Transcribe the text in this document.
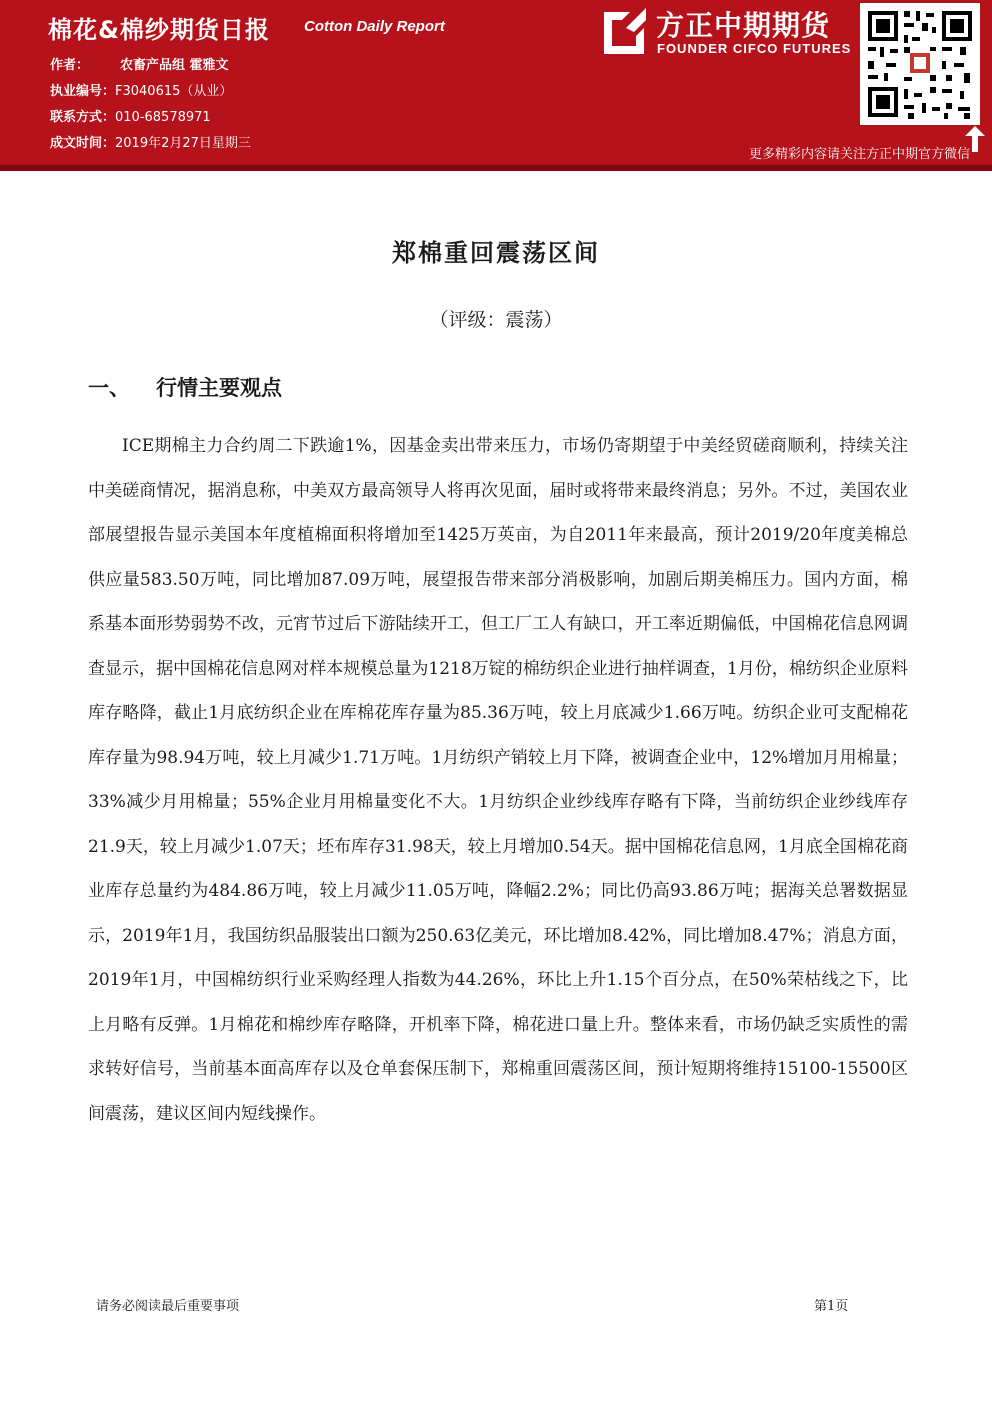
棉花&棉纱期货日报 Cotton Daily Report
作者： 农畜产品组 霍雅文
执业编号：F3040615（从业）
联系方式：010-68578971
成文时间：2019年2月27日星期三
方正中期期货
FOUNDER CIFCO FUTURES
更多精彩内容请关注方正中期官方微信
郑棉重回震荡区间
（评级：震荡）
一、 行情主要观点

ICE期棉主力合约周二下跌逾1%，因基金卖出带来压力，市场仍寄期望于中美经贸磋商顺利，持续关注中美磋商情况，据消息称，中美双方最高领导人将再次见面，届时或将带来最终消息；另外。不过，美国农业部展望报告显示美国本年度植棉面积将增加至1425万英亩，为自2011年来最高，预计2019/20年度美棉总供应量583.50万吨，同比增加87.09万吨，展望报告带来部分消极影响，加剧后期美棉压力。国内方面，棉系基本面形势弱势不改，元宵节过后下游陆续开工，但工厂工人有缺口，开工率近期偏低，中国棉花信息网调查显示，据中国棉花信息网对样本规模总量为1218万锭的棉纺织企业进行抽样调查，1月份，棉纺织企业原料库存略降，截止1月底纺织企业在库棉花库存量为85.36万吨，较上月底减少1.66万吨。纺织企业可支配棉花库存量为98.94万吨，较上月减少1.71万吨。1月纺织产销较上月下降，被调查企业中，12%增加月用棉量；33%减少月用棉量；55%企业月用棉量变化不大。1月纺织企业纱线库存略有下降，当前纺织企业纱线库存21.9天，较上月减少1.07天；坯布库存31.98天，较上月增加0.54天。据中国棉花信息网，1月底全国棉花商业库存总量约为484.86万吨，较上月减少11.05万吨，降幅2.2%；同比仍高93.86万吨；据海关总署数据显示，2019年1月，我国纺织品服装出口额为250.63亿美元，环比增加8.42%，同比增加8.47%；消息方面，2019年1月，中国棉纺织行业采购经理人指数为44.26%，环比上升1.15个百分点，在50%荣枯线之下，比上月略有反弹。1月棉花和棉纱库存略降，开机率下降，棉花进口量上升。整体来看，市场仍缺乏实质性的需求转好信号，当前基本面高库存以及仓单套保压制下，郑棉重回震荡区间，预计短期将维持15100-15500区间震荡，建议区间内短线操作。

请务必阅读最后重要事项	第1页
